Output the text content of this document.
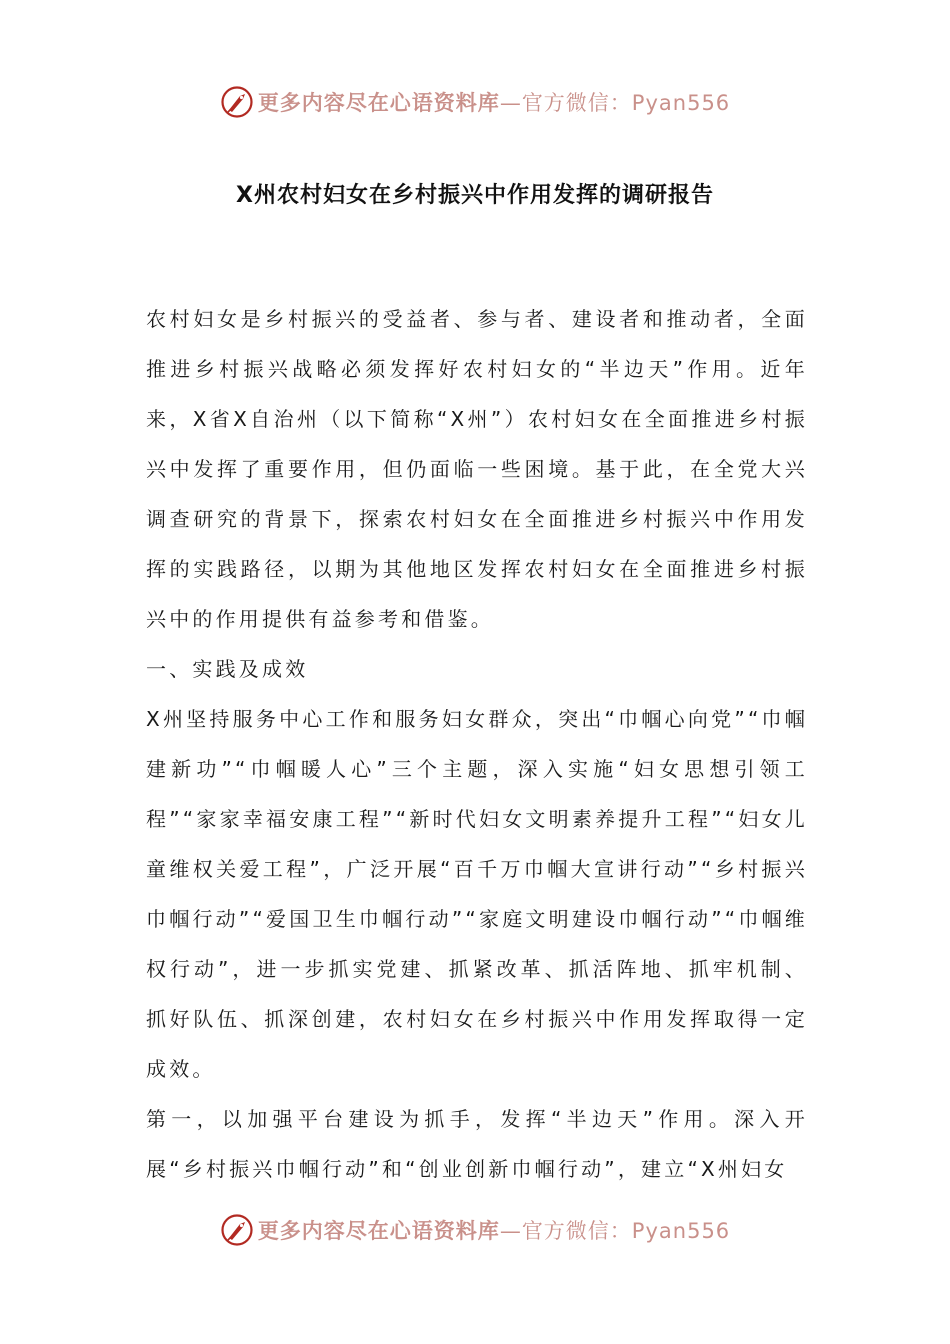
更多内容尽在心语资料库 —官方微信：Pyan556
X州农村妇女在乡村振兴中作用发挥的调研报告

农村妇女是乡村振兴的受益者、参与者、建设者和推动者，全面推进乡村振兴战略必须发挥好农村妇女的“半边天”作用。近年来，X省X自治州（以下简称“X州”）农村妇女在全面推进乡村振兴中发挥了重要作用，但仍面临一些困境。基于此，在全党大兴调查研究的背景下，探索农村妇女在全面推进乡村振兴中作用发挥的实践路径，以期为其他地区发挥农村妇女在全面推进乡村振兴中的作用提供有益参考和借鉴。

一、实践及成效

X州坚持服务中心工作和服务妇女群众，突出“巾帼心向党”“巾帼建新功”“巾帼暖人心”三个主题，深入实施“妇女思想引领工程”“家家幸福安康工程”“新时代妇女文明素养提升工程”“妇女儿童维权关爱工程”，广泛开展“百千万巾帼大宣讲行动”“乡村振兴巾帼行动”“爱国卫生巾帼行动”“家庭文明建设巾帼行动”“巾帼维权行动”，进一步抓实党建、抓紧改革、抓活阵地、抓牢机制、抓好队伍、抓深创建，农村妇女在乡村振兴中作用发挥取得一定成效。

第一，以加强平台建设为抓手，发挥“半边天”作用。深入开展“乡村振兴巾帼行动”和“创业创新巾帼行动”，建立“X州妇女

更多内容尽在心语资料库 —官方微信：Pyan556
